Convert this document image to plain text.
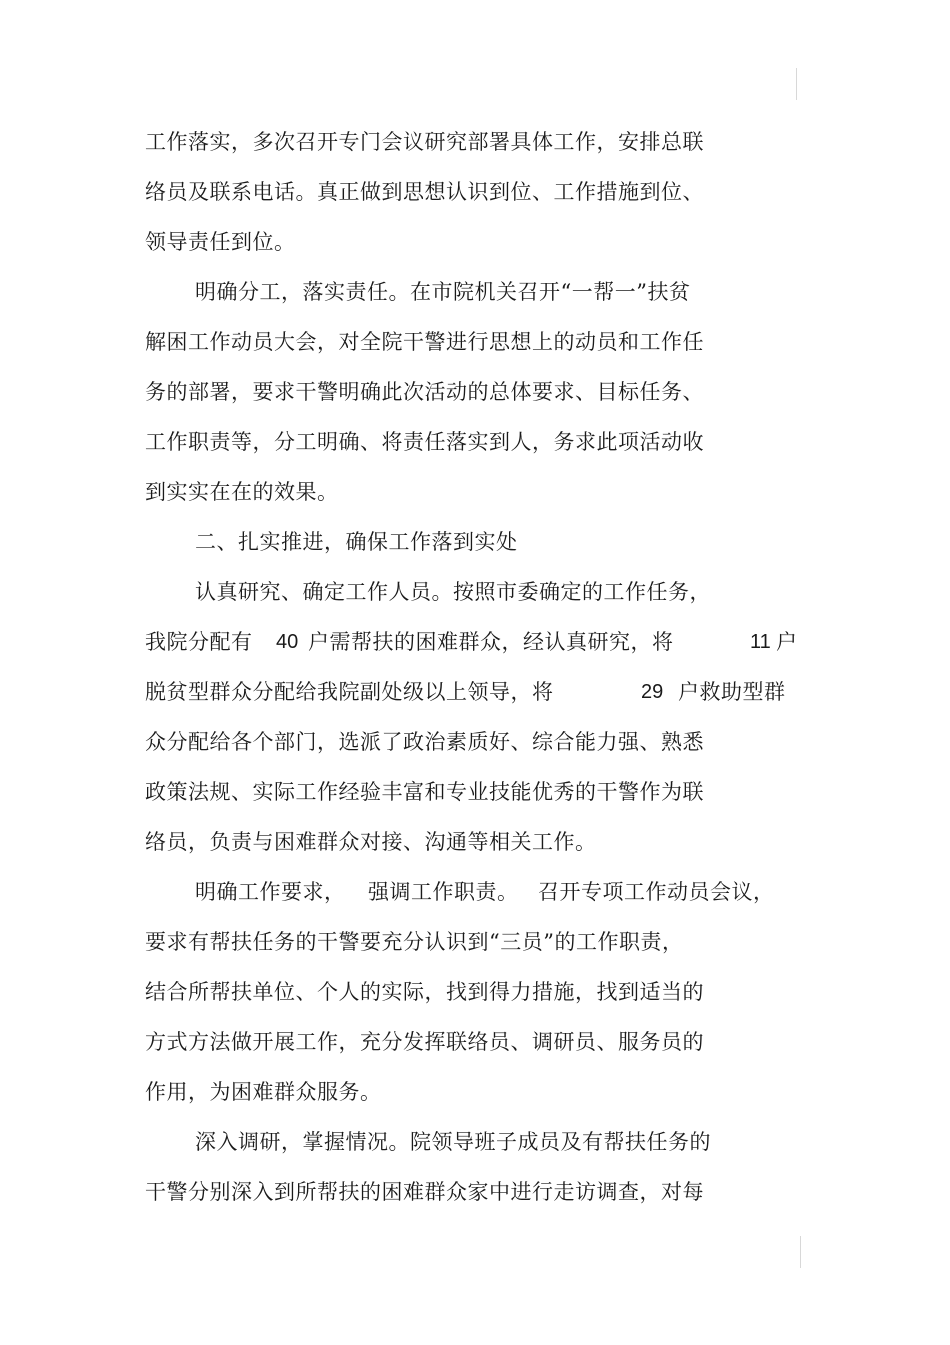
工作落实，多次召开专门会议研究部署具体工作，安排总联
络员及联系电话。真正做到思想认识到位、工作措施到位、
领导责任到位。
明确分工，落实责任。在市院机关召开“一帮一”扶贫
解困工作动员大会，对全院干警进行思想上的动员和工作任
务的部署，要求干警明确此次活动的总体要求、目标任务、
工作职责等，分工明确、将责任落实到人，务求此项活动收
到实实在在的效果。
二、扎实推进，确保工作落到实处
认真研究、确定工作人员。按照市委确定的工作任务，
我院分配有 40 户需帮扶的困难群众，经认真研究，将	11 户
脱贫型群众分配给我院副处级以上领导，将	29 户救助型群
众分配给各个部门，选派了政治素质好、综合能力强、熟悉
政策法规、实际工作经验丰富和专业技能优秀的干警作为联
络员，负责与困难群众对接、沟通等相关工作。
明确工作要求， 强调工作职责。 召开专项工作动员会议，
要求有帮扶任务的干警要充分认识到“三员”的工作职责，
结合所帮扶单位、个人的实际，找到得力措施，找到适当的
方式方法做开展工作，充分发挥联络员、调研员、服务员的
作用，为困难群众服务。
深入调研，掌握情况。院领导班子成员及有帮扶任务的
干警分别深入到所帮扶的困难群众家中进行走访调查，对每
